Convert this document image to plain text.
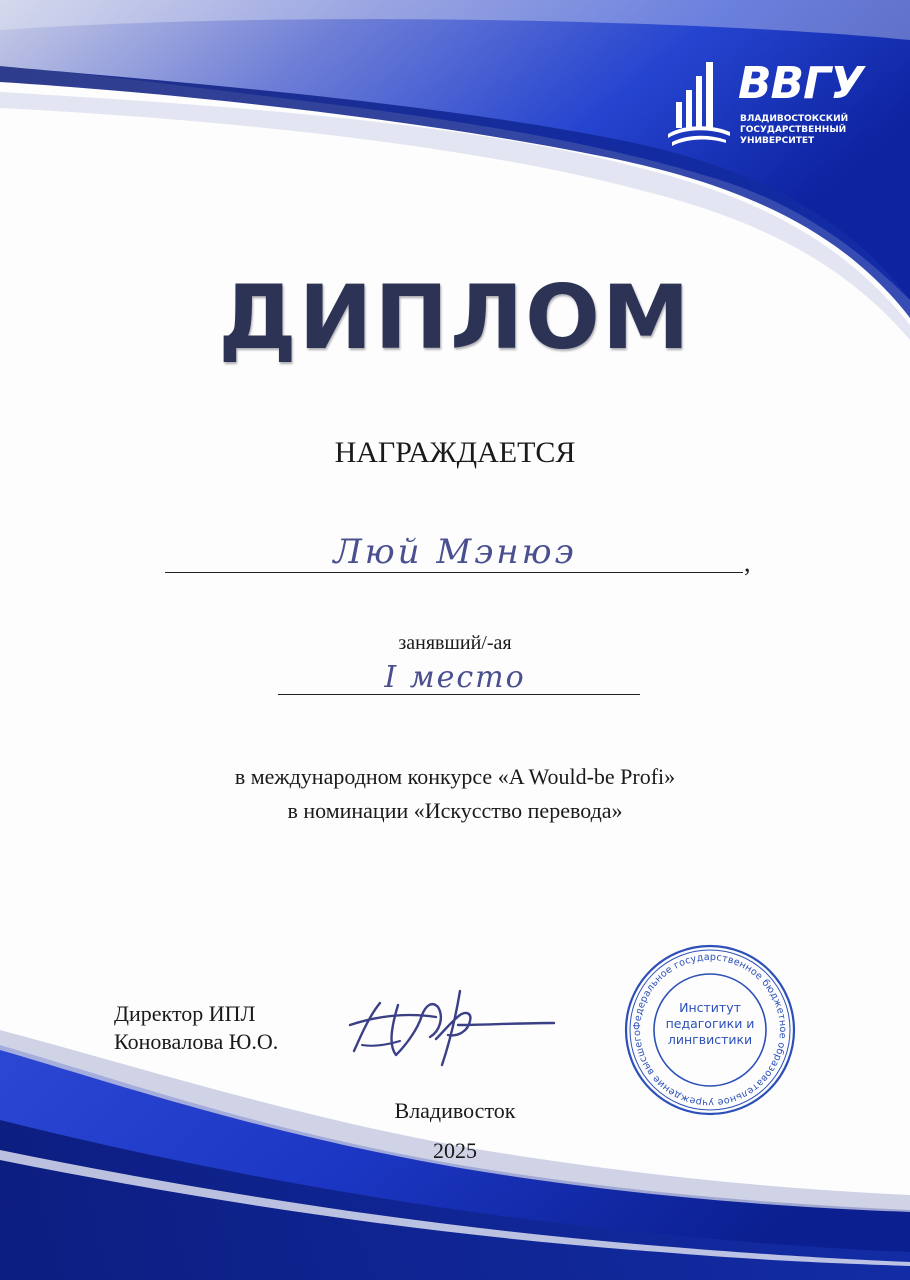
ВВГУ
ВЛАДИВОСТОКСКИЙ
ГОСУДАРСТВЕННЫЙ
УНИВЕРСИТЕТ
ДИПЛОМ
НАГРАЖДАЕТСЯ
Люй Мэнюэ	,
занявший/-ая
I место
в международном конкурсе «A Would-be Profi»
в номинации «Искусство перевода»
Директор ИПЛ
Коновалова Ю.О.
Федеральное государственное бюджетное образовательное учреждение высшего
Институт
педагогики и
лингвистики
Владивосток
2025
